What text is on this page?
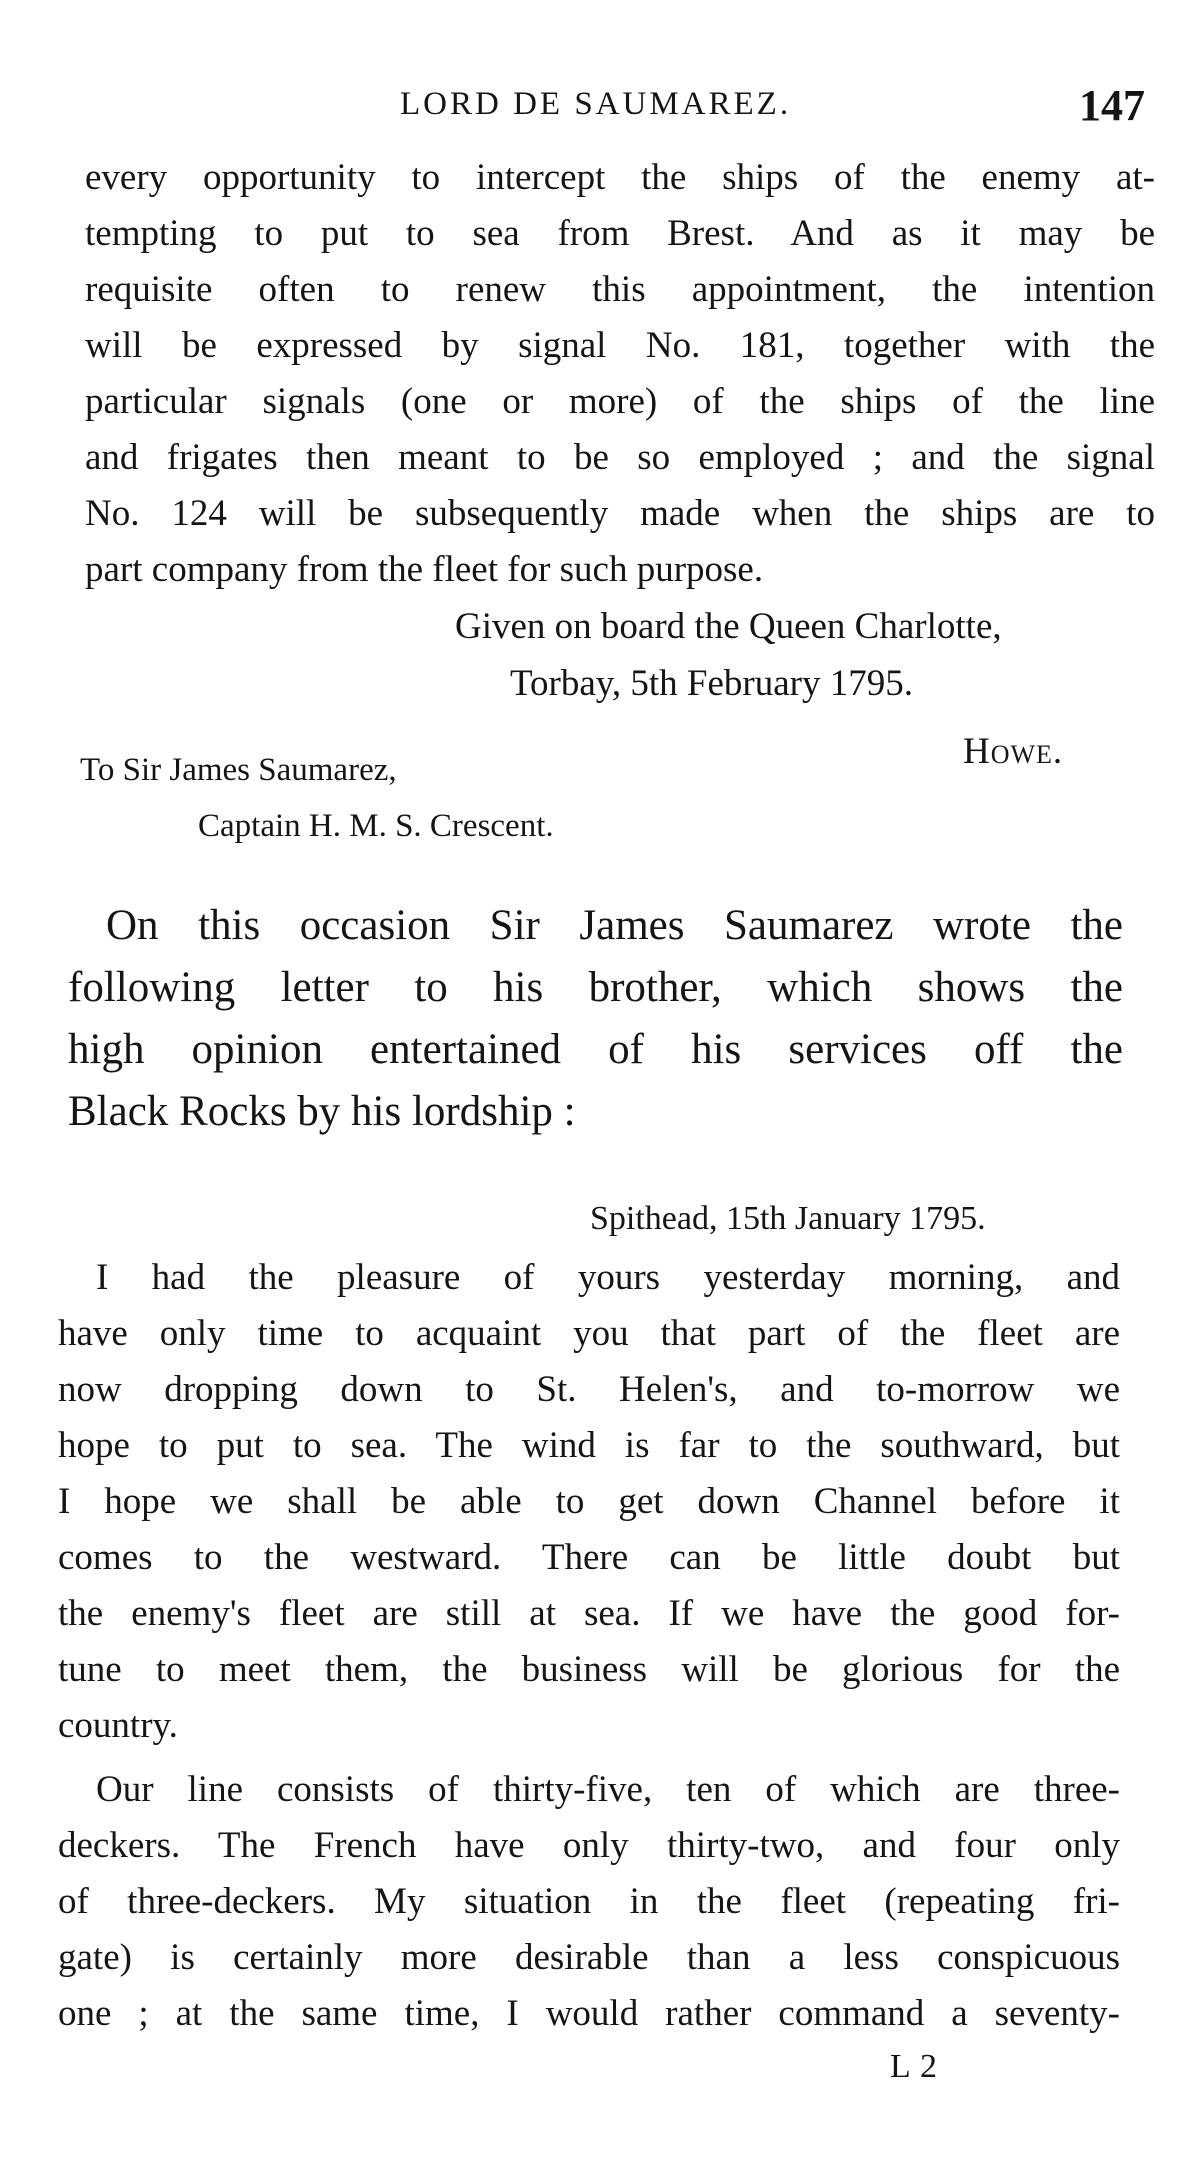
LORD DE SAUMAREZ.	147
every opportunity to intercept the ships of the enemy at-
tempting to put to sea from Brest. And as it may be
requisite often to renew this appointment, the intention
will be expressed by signal No. 181, together with the
particular signals (one or more) of the ships of the line
and frigates then meant to be so employed ; and the signal
No. 124 will be subsequently made when the ships are to
part company from the fleet for such purpose.
Given on board the Queen Charlotte,
Torbay, 5th February 1795.
Howe.
To Sir James Saumarez,
Captain H. M. S. Crescent.
On this occasion Sir James Saumarez wrote the
following letter to his brother, which shows the
high opinion entertained of his services off the
Black Rocks by his lordship :
Spithead, 15th January 1795.
I had the pleasure of yours yesterday morning, and
have only time to acquaint you that part of the fleet are
now dropping down to St. Helen's, and to-morrow we
hope to put to sea. The wind is far to the southward, but
I hope we shall be able to get down Channel before it
comes to the westward. There can be little doubt but
the enemy's fleet are still at sea. If we have the good for-
tune to meet them, the business will be glorious for the
country.
Our line consists of thirty-five, ten of which are three-
deckers. The French have only thirty-two, and four only
of three-deckers. My situation in the fleet (repeating fri-
gate) is certainly more desirable than a less conspicuous
one ; at the same time, I would rather command a seventy-
L 2
